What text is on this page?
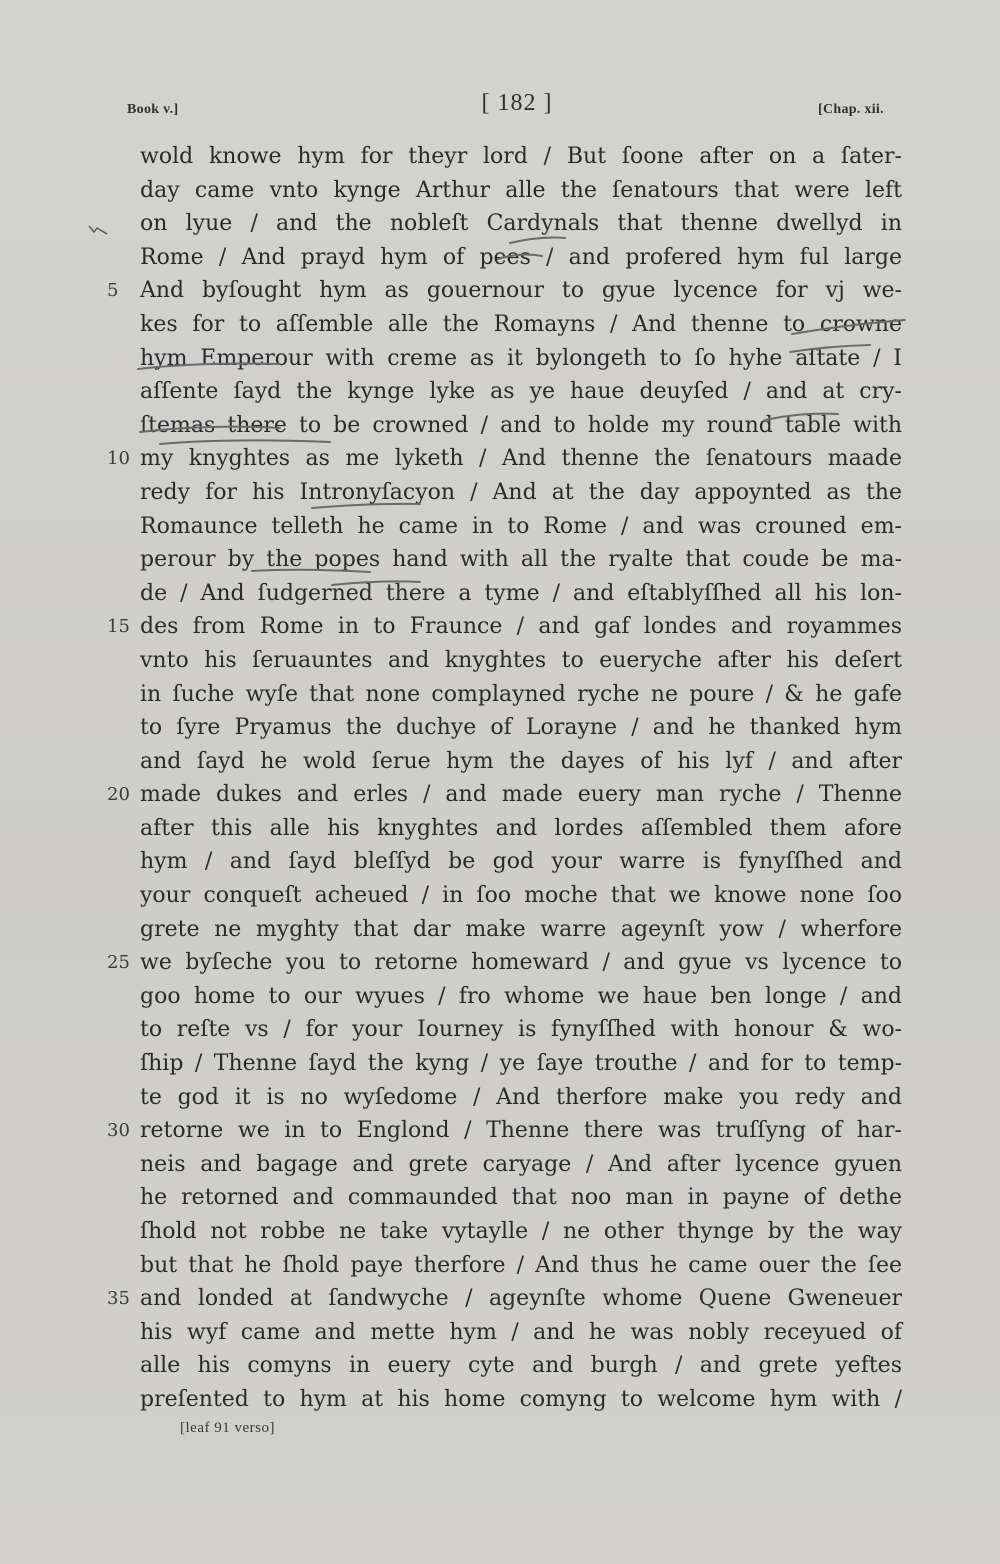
Book v.]	[ 182 ]	[Chap. xii.
wold knowe hym for theyr lord / But ſoone after on a ſater-
day came vnto kynge Arthur alle the ſenatours that were left
on lyue / and the nobleſt Cardynals that thenne dwellyd in
Rome / And prayd hym of pees / and profered hym ful large
5 And byſought hym as gouernour to gyue lycence for vj we-
kes for to aſſemble alle the Romayns / And thenne to crowne
hym Emperour with creme as it bylongeth to ſo hyhe aſtate / I
aſſente ſayd the kynge lyke as ye haue deuyſed / and at cry-
ſtemas there to be crowned / and to holde my round table with
10 my knyghtes as me lyketh / And thenne the ſenatours maade
redy for his Intronyſacyon / And at the day appoynted as the
Romaunce telleth he came in to Rome / and was crouned em-
perour by the popes hand with all the ryalte that coude be ma-
de / And ſudgerned there a tyme / and eſtablyſſhed all his lon-
15 des from Rome in to Fraunce / and gaf londes and royammes
vnto his ſeruauntes and knyghtes to eueryche after his deſert
in ſuche wyſe that none complayned ryche ne poure / & he gafe
to ſyre Pryamus the duchye of Lorayne / and he thanked hym
and ſayd he wold ſerue hym the dayes of his lyf / and after
20 made dukes and erles / and made euery man ryche / Thenne
after this alle his knyghtes and lordes aſſembled them afore
hym / and ſayd bleſſyd be god your warre is fynyſſhed and
your conqueſt acheued / in ſoo moche that we knowe none ſoo
grete ne myghty that dar make warre ageynſt yow / wherfore
25 we byſeche you to retorne homeward / and gyue vs lycence to
goo home to our wyues / fro whome we haue ben longe / and
to reſte vs / for your Iourney is fynyſſhed with honour & wo-
ſhip / Thenne ſayd the kyng / ye ſaye trouthe / and for to temp-
te god it is no wyſedome / And therfore make you redy and
30 retorne we in to Englond / Thenne there was truſſyng of har-
neis and bagage and grete caryage / And after lycence gyuen
he retorned and commaunded that noo man in payne of dethe
ſhold not robbe ne take vytaylle / ne other thynge by the way
but that he ſhold paye therfore / And thus he came ouer the ſee
35 and londed at ſandwyche / ageynſte whome Quene Gweneuer
his wyf came and mette hym / and he was nobly receyued of
alle his comyns in euery cyte and burgh / and grete yeftes
preſented to hym at his home comyng to welcome hym with /
[leaf 91 verso]
